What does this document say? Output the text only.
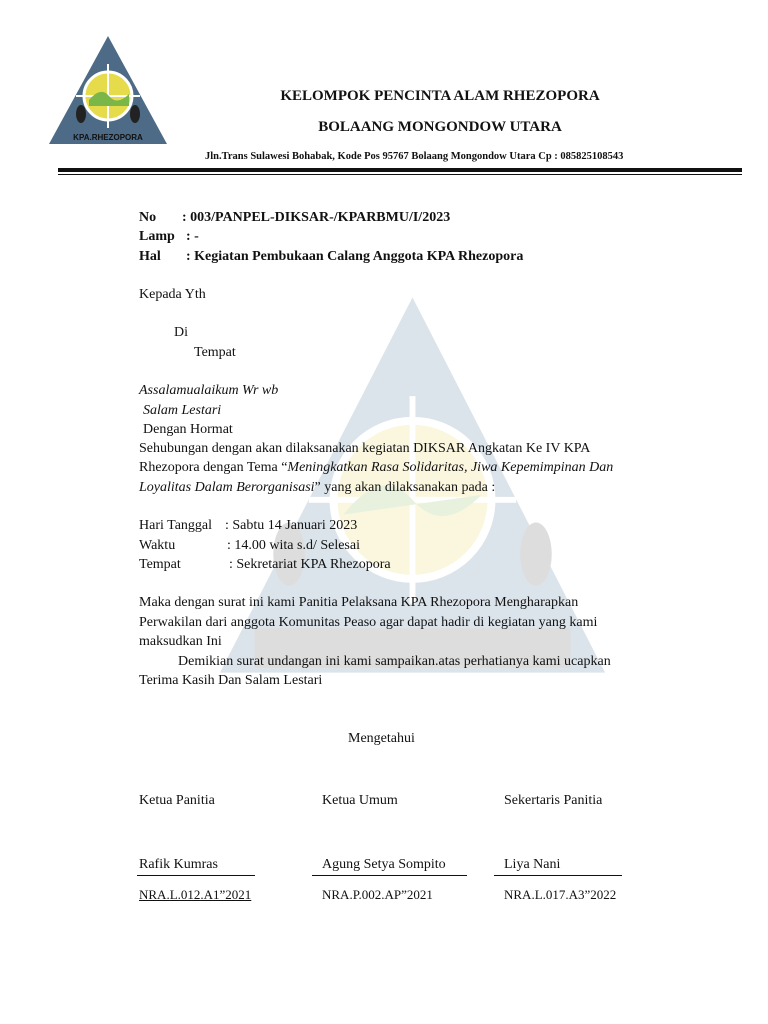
KPA.RHEZOPORA
KELOMPOK PENCINTA ALAM RHEZOPORA
BOLAANG MONGONDOW UTARA
Jln.Trans Sulawesi Bohabak, Kode Pos 95767 Bolaang Mongondow Utara Cp : 085825108543
No : 003/PANPEL-DIKSAR-/KPARBMU/I/2023
Lamp : -
Hal : Kegiatan Pembukaan Calang Anggota KPA Rhezopora
Kepada Yth
Di
Tempat
Assalamualaikum Wr wb
Salam Lestari
Dengan Hormat
Sehubungan dengan akan dilaksanakan kegiatan DIKSAR Angkatan Ke IV KPA
Rhezopora dengan Tema “Meningkatkan Rasa Solidaritas, Jiwa Kepemimpinan Dan
Loyalitas Dalam Berorganisasi” yang akan dilaksanakan pada :
Hari Tanggal : Sabtu 14 Januari 2023
Waktu	: 14.00 wita s.d/ Selesai
Tempat	: Sekretariat KPA Rhezopora
Maka dengan surat ini kami Panitia Pelaksana KPA Rhezopora Mengharapkan
Perwakilan dari anggota Komunitas Peaso agar dapat hadir di kegiatan yang kami
maksudkan Ini
Demikian surat undangan ini kami sampaikan.atas perhatianya kami ucapkan
Terima Kasih Dan Salam Lestari
Mengetahui
Ketua Panitia	Ketua Umum	Sekertaris Panitia
Rafik Kumras	Agung Setya Sompito	Liya Nani
NRA.L.012.A1”2021	NRA.P.002.AP”2021	NRA.L.017.A3”2022
